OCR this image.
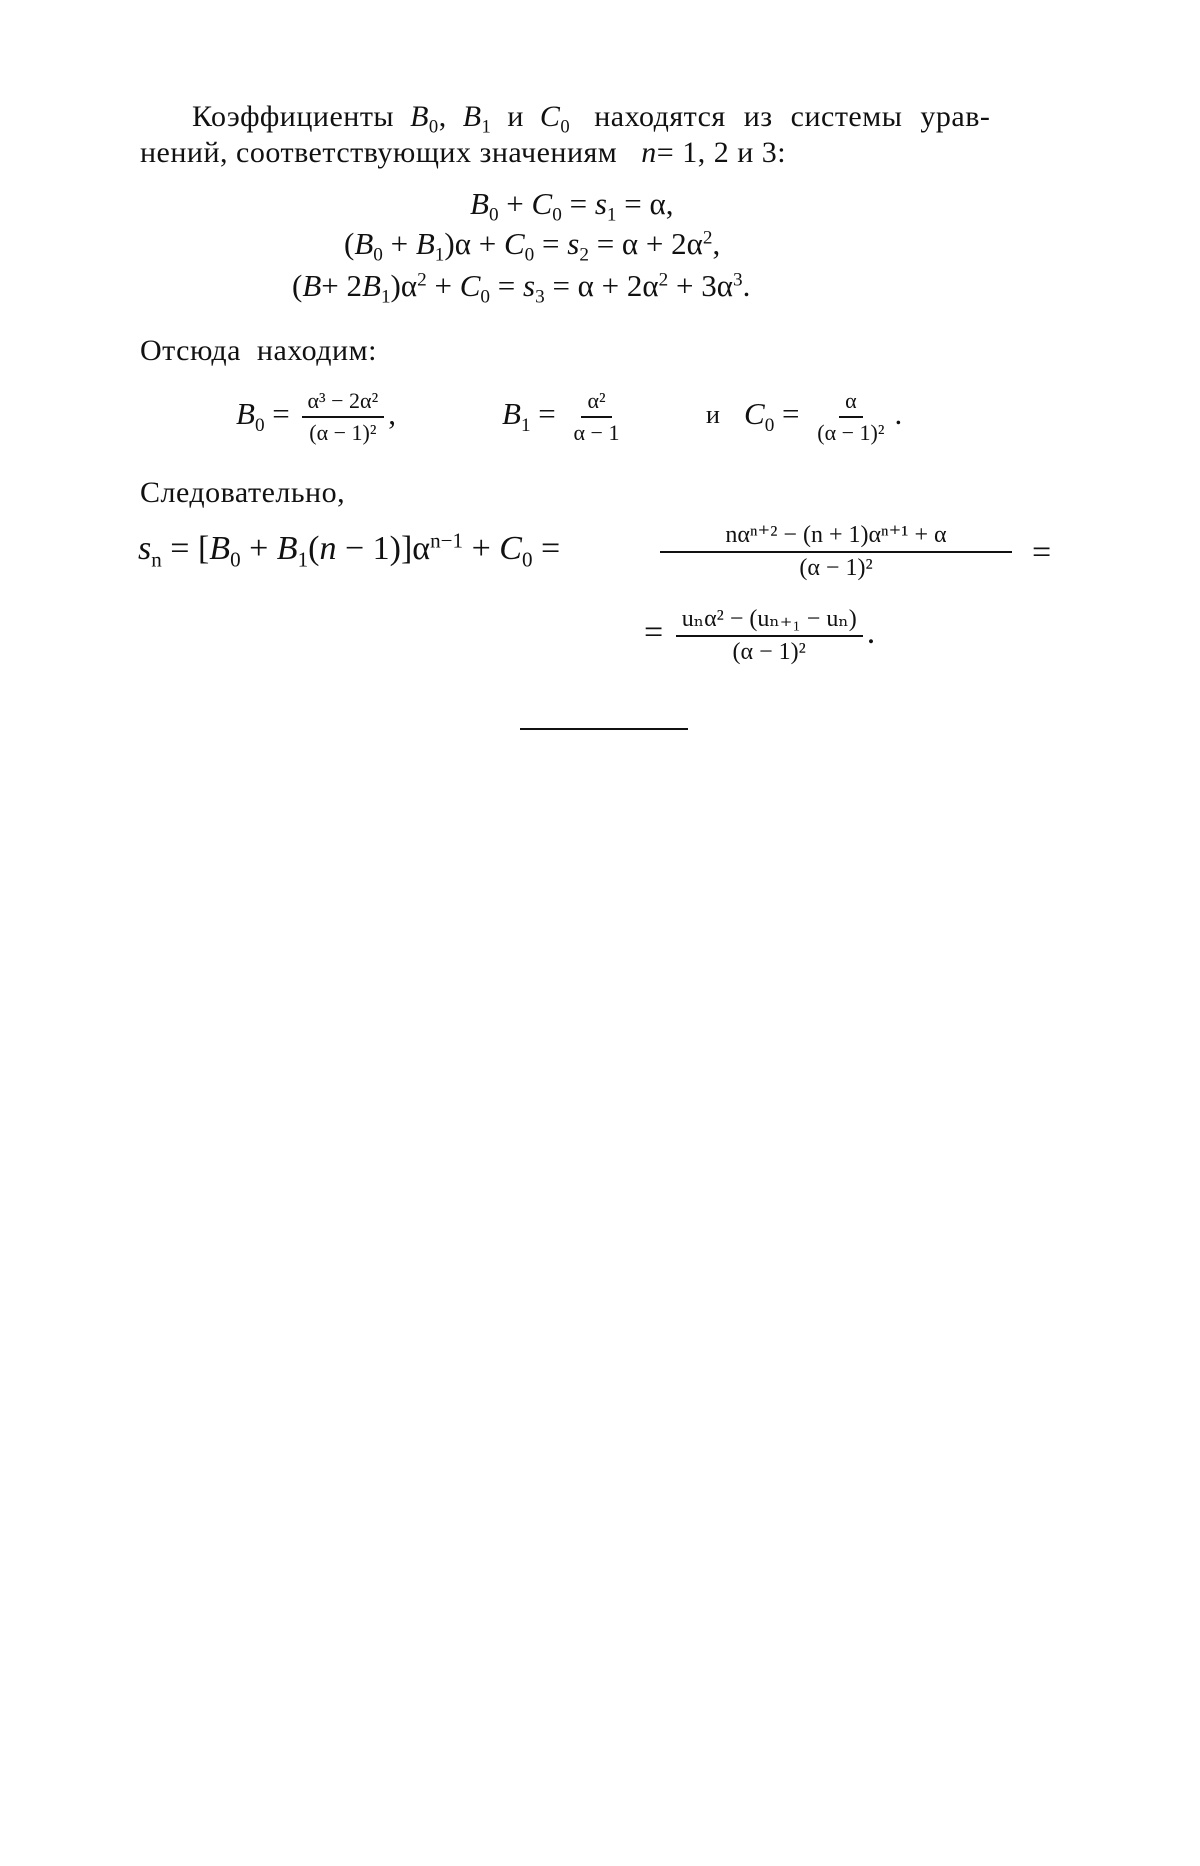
Коэффициенты $B_0$, $B_1$ и $C_0$ находятся из системы урав-
нений, соответствующих значениям n= 1, 2 и 3:
$B_0 + C_0 = s_1 = \alpha$,
$(B_0 + B_1)\alpha + C_0 = s_2 = \alpha + 2\alpha^2$,
$(B+ 2B_1)\alpha^2 + C_0 = s_3 = \alpha + 2\alpha^2 + 3\alpha^3$.
Отсюда находим:
$B_0 = \frac{\text{α³ − 2α²}}{\text{(α − 1)²}}$ ,	$B_1 = \frac{\text{α²}}{\alpha - 1}$	и $C_0 = \frac{\alpha}{\text{(α − 1)²}}$ .
Следовательно,
$s_n = [B_0 + B_1(n - 1)]\alpha^{n-1} + C_0$ =	$\frac{\text{nαⁿ⁺² − (n + 1)αⁿ⁺¹ + α}}{\text{(α − 1)²}}$ =
= $\frac{\text{uₙα² − (uₙ₊₁ − uₙ)}}{\text{(α − 1)²}}$ .
